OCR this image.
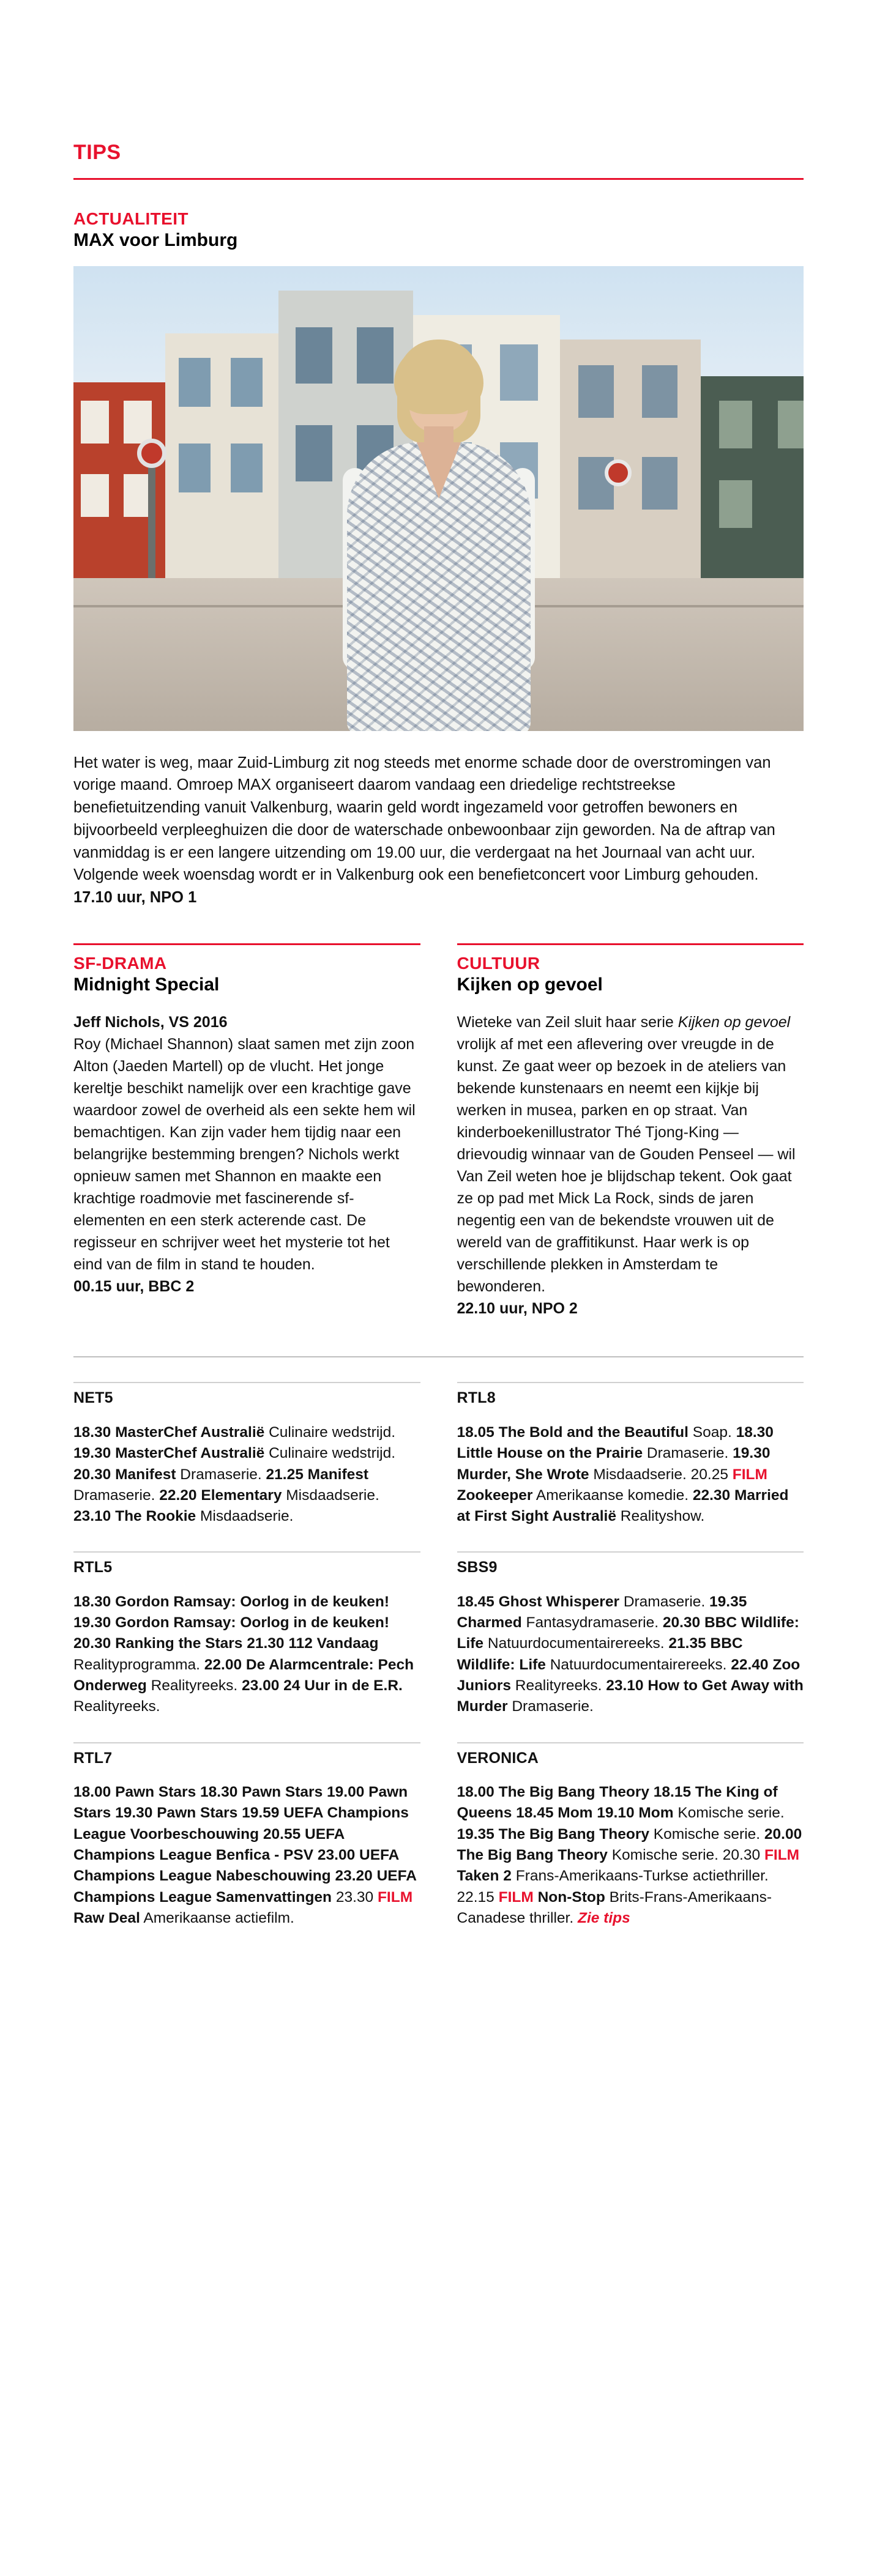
TIPS
ACTUALITEIT
MAX voor Limburg

Het water is weg, maar Zuid-Limburg zit nog steeds met enorme schade door de overstromingen van vorige maand. Omroep MAX organiseert daarom vandaag een driedelige rechtstreekse benefietuitzending vanuit Valkenburg, waarin geld wordt ingezameld voor getroffen bewoners en bijvoorbeeld verpleeghuizen die door de waterschade onbewoonbaar zijn geworden. Na de aftrap van vanmiddag is er een langere uitzending om 19.00 uur, die verdergaat na het Journaal van acht uur. Volgende week woensdag wordt er in Valkenburg ook een benefietconcert voor Limburg gehouden.

17.10 uur, NPO 1

SF-DRAMA
Midnight Special

Jeff Nichols, VS 2016

Roy (Michael Shannon) slaat samen met zijn zoon Alton (Jaeden Martell) op de vlucht. Het jonge kereltje beschikt namelijk over een krachtige gave waardoor zowel de overheid als een sekte hem wil bemachtigen. Kan zijn vader hem tijdig naar een belangrijke bestemming brengen? Nichols werkt opnieuw samen met Shannon en maakte een krachtige roadmovie met fascinerende sf-elementen en een sterk acterende cast. De regisseur en schrijver weet het mysterie tot het eind van de film in stand te houden.

00.15 uur, BBC 2

CULTUUR
Kijken op gevoel

Wieteke van Zeil sluit haar serie Kijken op gevoel vrolijk af met een aflevering over vreugde in de kunst. Ze gaat weer op bezoek in de ateliers van bekende kunstenaars en neemt een kijkje bij werken in musea, parken en op straat. Van kinderboekenillustrator Thé Tjong-King — drievoudig winnaar van de Gouden Penseel — wil Van Zeil weten hoe je blijdschap tekent. Ook gaat ze op pad met Mick La Rock, sinds de jaren negentig een van de bekendste vrouwen uit de wereld van de graffitikunst. Haar werk is op verschillende plekken in Amsterdam te bewonderen.

22.10 uur, NPO 2

NET5

18.30 MasterChef Australië Culinaire wedstrijd. 19.30 MasterChef Australië Culinaire wedstrijd. 20.30 Manifest Dramaserie. 21.25 Manifest Dramaserie. 22.20 Elementary Misdaadserie. 23.10 The Rookie Misdaadserie.

RTL5

18.30 Gordon Ramsay: Oorlog in de keuken! 19.30 Gordon Ramsay: Oorlog in de keuken! 20.30 Ranking the Stars 21.30 112 Vandaag Realityprogramma. 22.00 De Alarmcentrale: Pech Onderweg Realityreeks. 23.00 24 Uur in de E.R. Realityreeks.

RTL7

18.00 Pawn Stars 18.30 Pawn Stars 19.00 Pawn Stars 19.30 Pawn Stars 19.59 UEFA Champions League Voorbeschouwing 20.55 UEFA Champions League Benfica - PSV 23.00 UEFA Champions League Nabeschouwing 23.20 UEFA Champions League Samenvattingen 23.30 FILM Raw Deal Amerikaanse actiefilm.

RTL8

18.05 The Bold and the Beautiful Soap. 18.30 Little House on the Prairie Dramaserie. 19.30 Murder, She Wrote Misdaadserie. 20.25 FILM Zookeeper Amerikaanse komedie. 22.30 Married at First Sight Australië Realityshow.

SBS9

18.45 Ghost Whisperer Dramaserie. 19.35 Charmed Fantasydramaserie. 20.30 BBC Wildlife: Life Natuurdocumentairereeks. 21.35 BBC Wildlife: Life Natuurdocumentairereeks. 22.40 Zoo Juniors Realityreeks. 23.10 How to Get Away with Murder Dramaserie.

VERONICA

18.00 The Big Bang Theory 18.15 The King of Queens 18.45 Mom 19.10 Mom Komische serie. 19.35 The Big Bang Theory Komische serie. 20.00 The Big Bang Theory Komische serie. 20.30 FILM Taken 2 Frans-Amerikaans-Turkse actiethriller. 22.15 FILM Non-Stop Brits-Frans-Amerikaans- Canadese thriller. Zie tips
